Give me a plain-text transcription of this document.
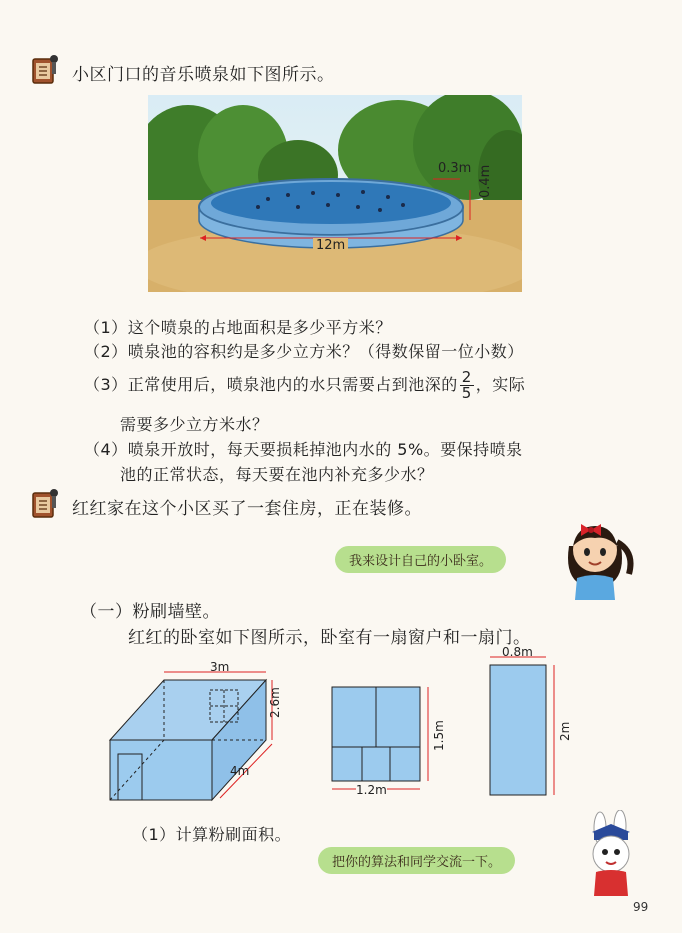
小区门口的音乐喷泉如下图所示。
0.3m 0.4m
12m
（1）这个喷泉的占地面积是多少平方米？
（2）喷泉池的容积约是多少立方米？（得数保留一位小数）
（3）正常使用后，喷泉池内的水只需要占到池深的 $\frac{2}{5}$ ，实际
需要多少立方米水？
（4）喷泉开放时，每天要损耗掉池内水的 5%。要保持喷泉
池的正常状态，每天要在池内补充多少水？
红红家在这个小区买了一套住房，正在装修。
我来设计自己的小卧室。
（一）粉刷墙壁。
红红的卧室如下图所示，卧室有一扇窗户和一扇门。
3m
2.6m
4m
1.5m
1.2m
0.8m
2m
（1）计算粉刷面积。
把你的算法和同学交流一下。
99
